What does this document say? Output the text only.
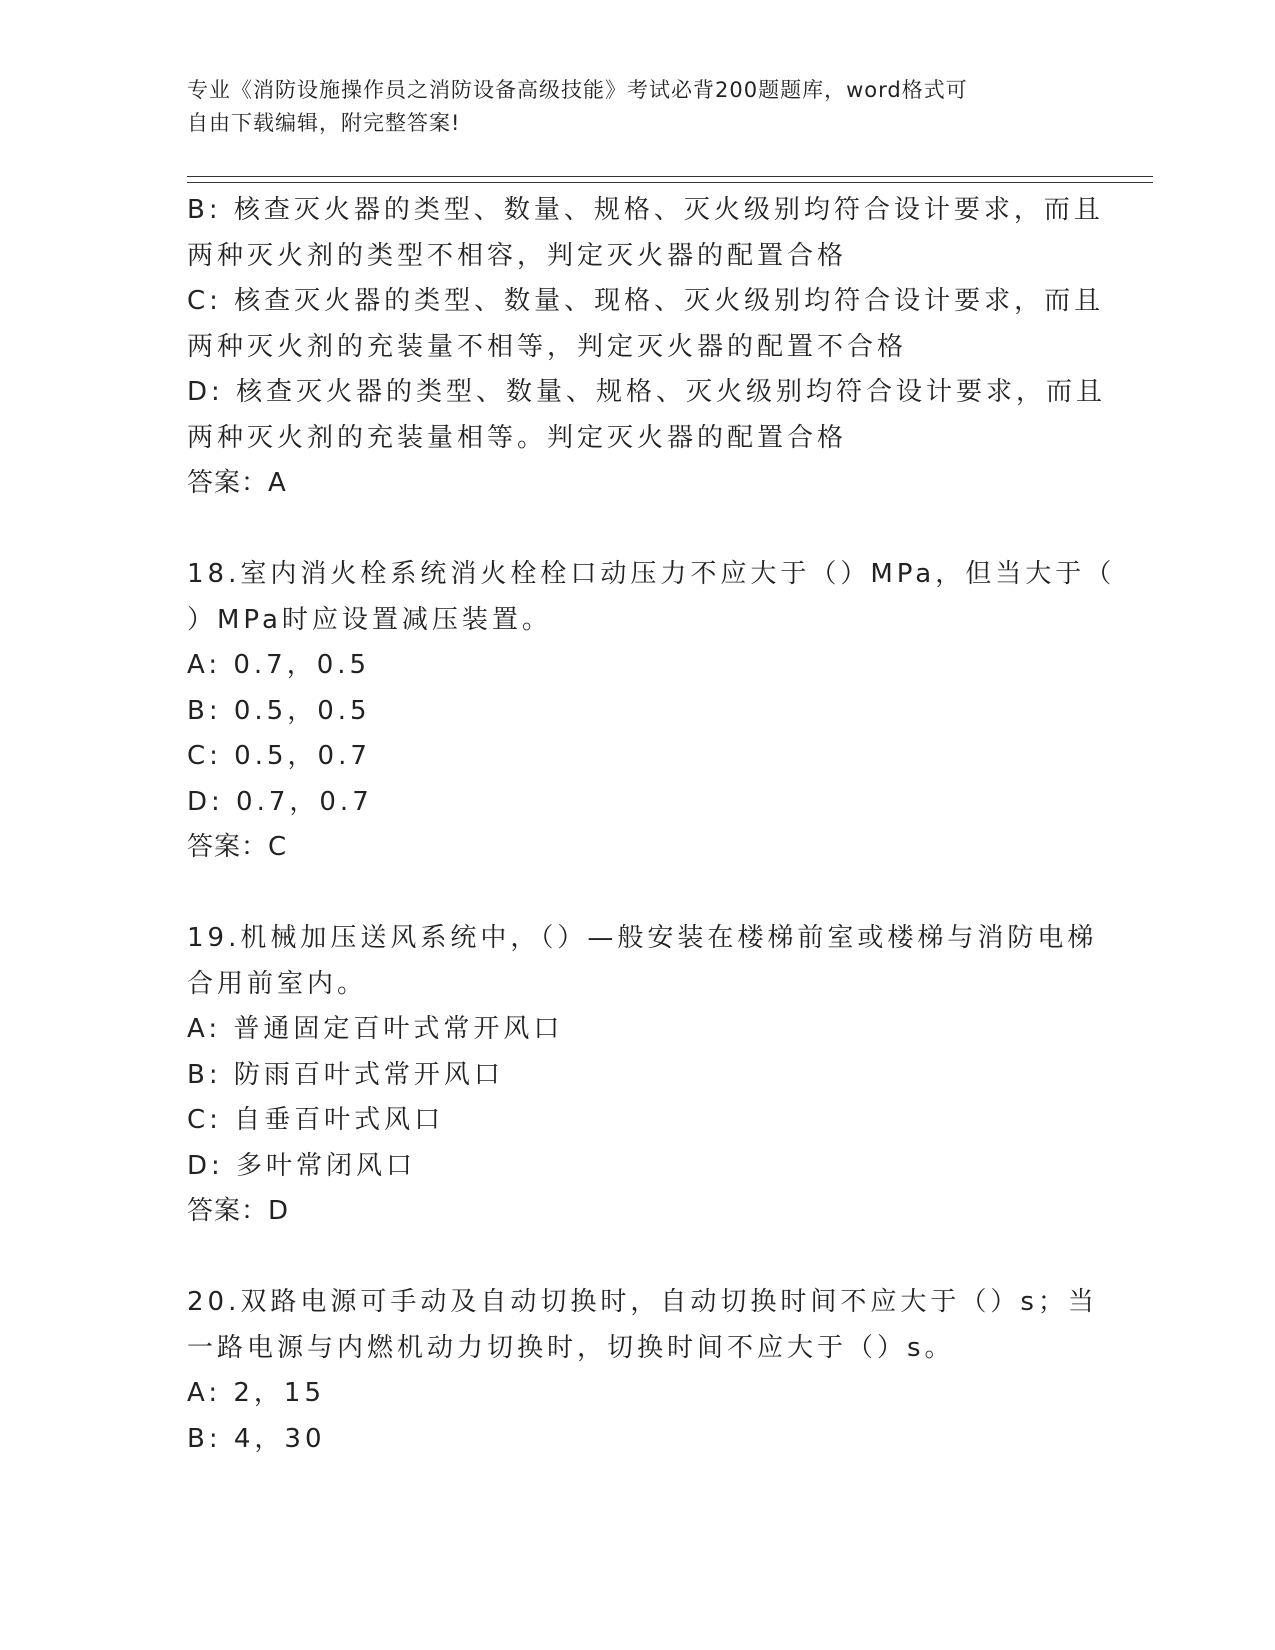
专业《消防设施操作员之消防设备高级技能》考试必背200题题库，word格式可
自由下载编辑，附完整答案!
B: 核查灭火器的类型、数量、规格、灭火级别均符合设计要求，而且
两种灭火剂的类型不相容，判定灭火器的配置合格
C: 核查灭火器的类型、数量、现格、灭火级别均符合设计要求，而且
两种灭火剂的充装量不相等，判定灭火器的配置不合格
D: 核查灭火器的类型、数量、规格、灭火级别均符合设计要求，而且
两种灭火剂的充装量相等。判定灭火器的配置合格
答案：A
18.室内消火栓系统消火栓栓口动压力不应大于（）MPa，但当大于（
）MPa时应设置减压装置。
A: 0.7，0.5
B: 0.5，0.5
C: 0.5，0.7
D: 0.7，0.7
答案：C
19.机械加压送风系统中，（）—般安装在楼梯前室或楼梯与消防电梯
合用前室内。
A: 普通固定百叶式常开风口
B: 防雨百叶式常开风口
C: 自垂百叶式风口
D: 多叶常闭风口
答案：D
20.双路电源可手动及自动切换时，自动切换时间不应大于（）s；当
一路电源与内燃机动力切换时，切换时间不应大于（）s。
A: 2，15
B: 4，30
